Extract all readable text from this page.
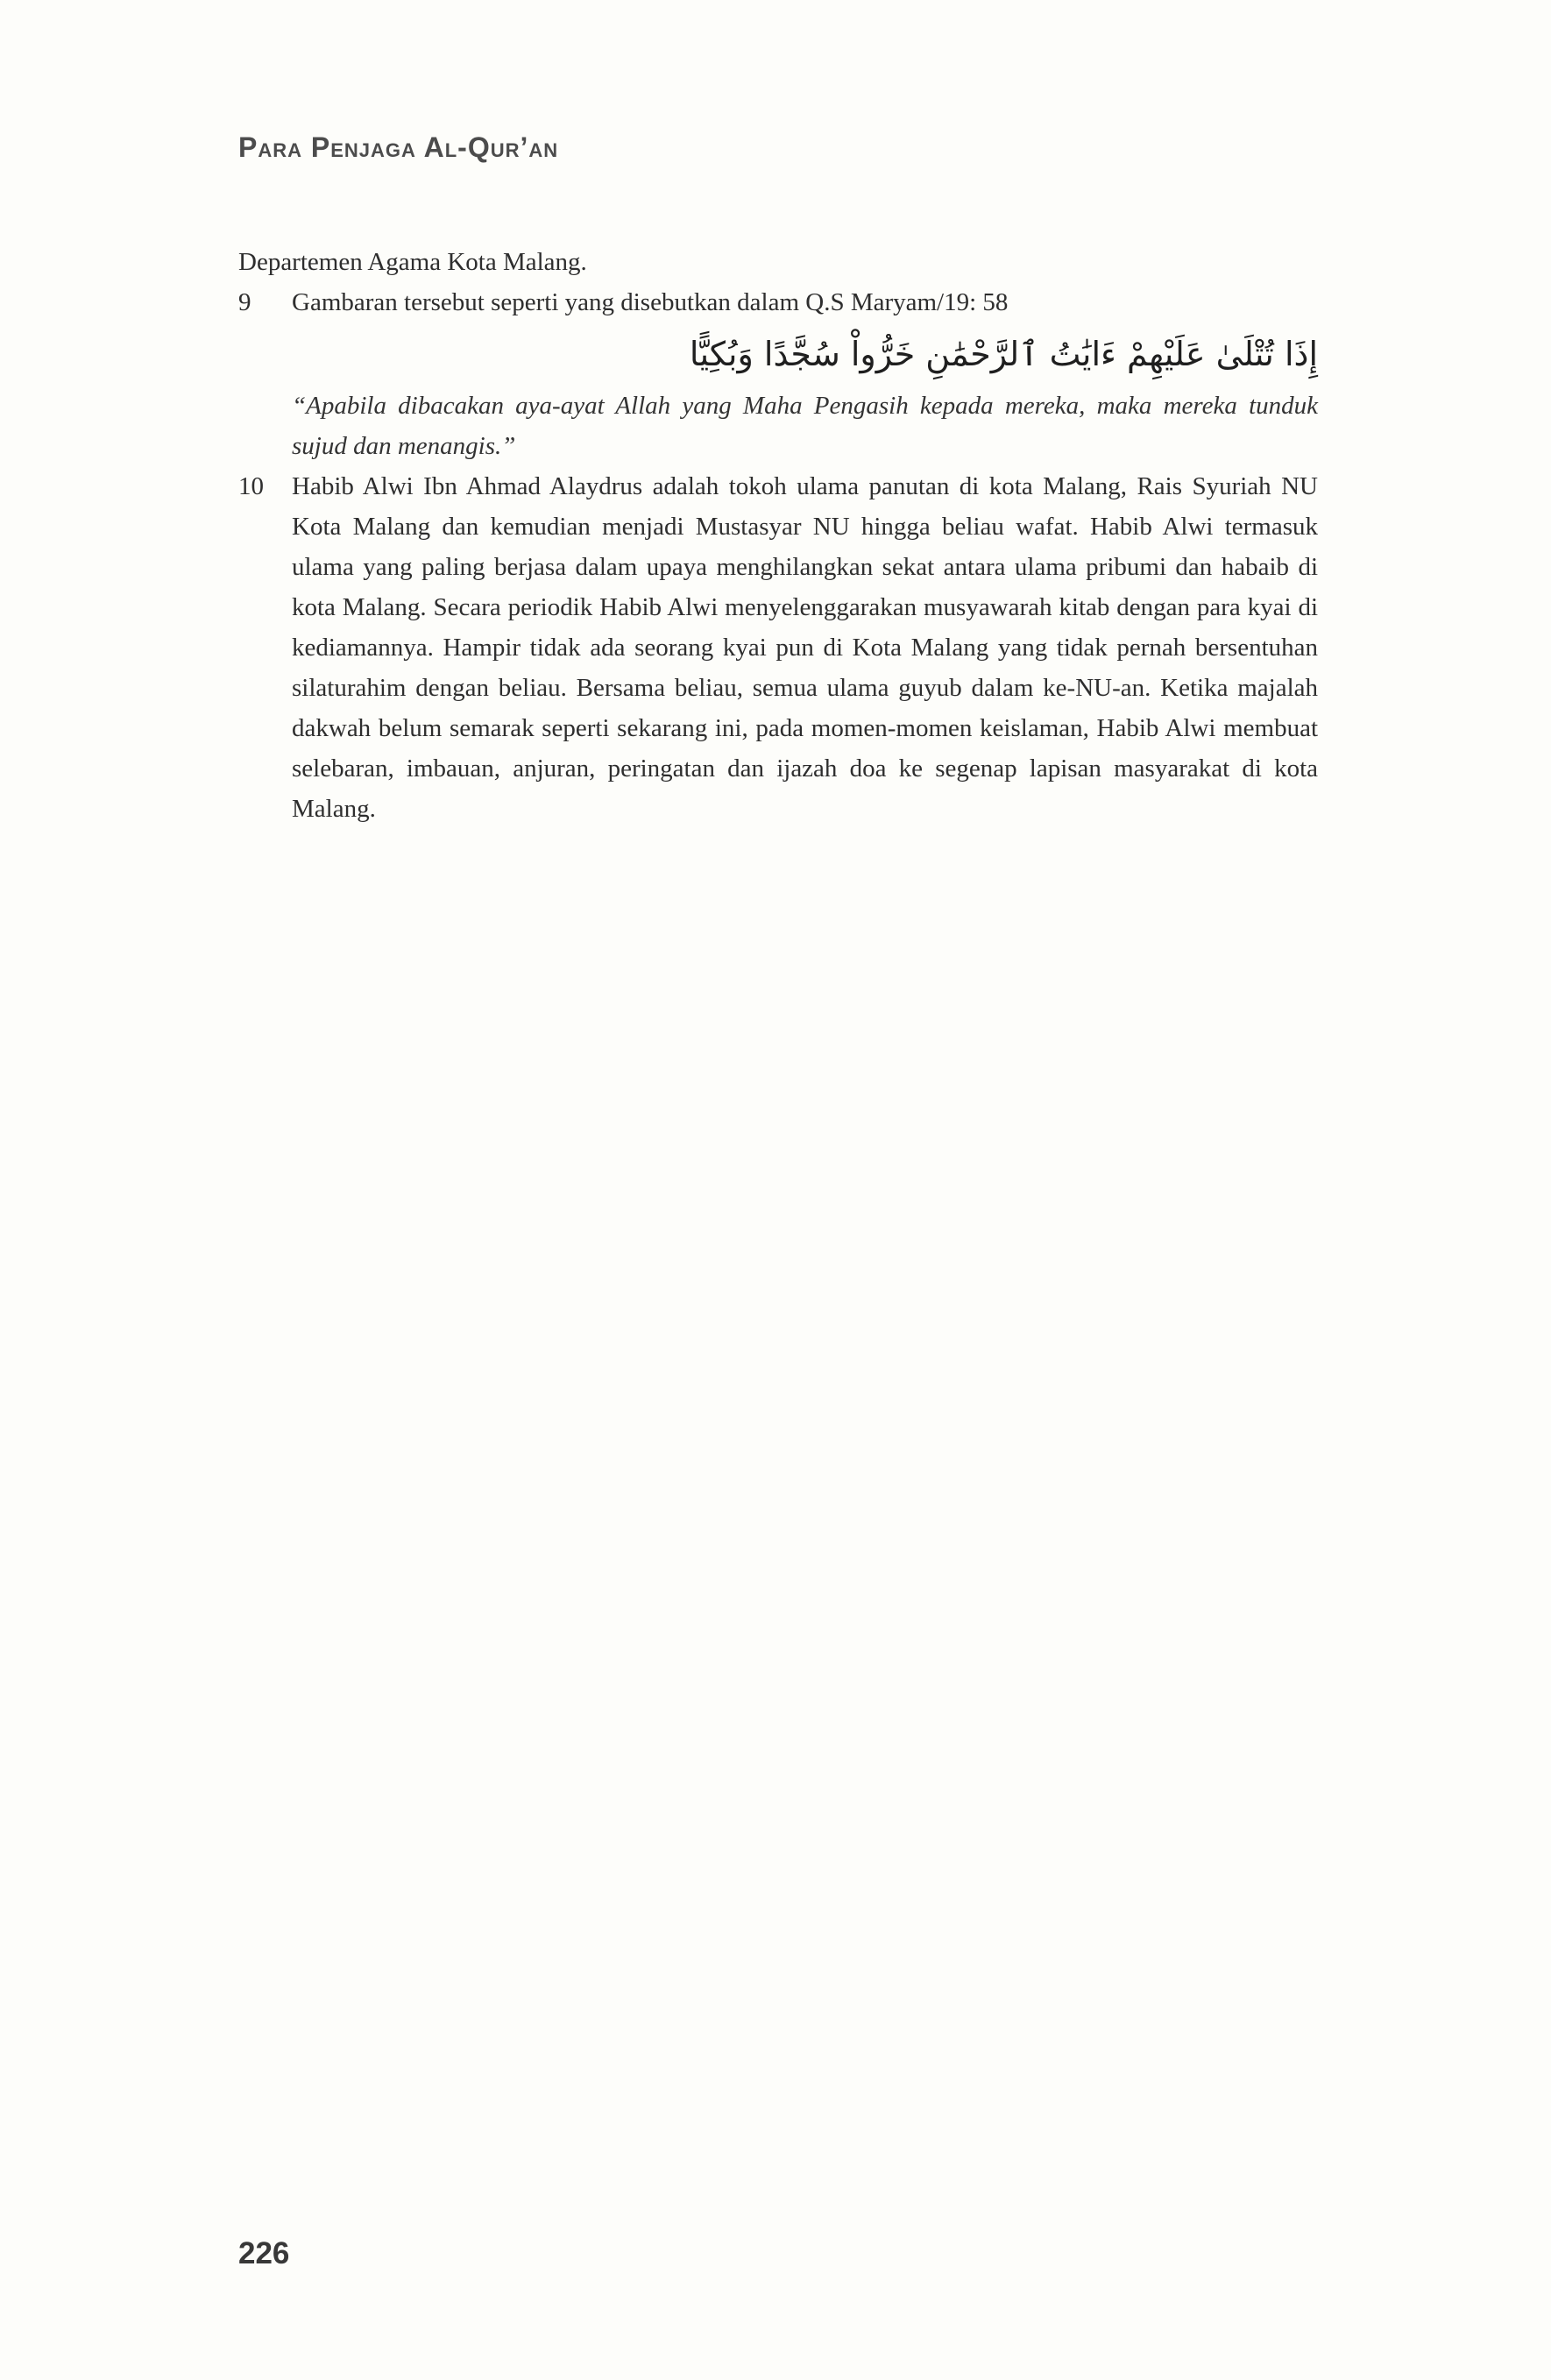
Para Penjaga Al-Qur’an

Departemen Agama Kota Malang.

9	Gambaran tersebut seperti yang disebutkan dalam Q.S Maryam/19: 58

إِذَا تُتْلَىٰ عَلَيْهِمْ ءَايَٰتُ ٱلرَّحْمَٰنِ خَرُّواْ سُجَّدًا وَبُكِيًّا

“Apabila dibacakan aya-ayat Allah yang Maha Pengasih kepada mereka, maka mereka tunduk sujud dan menangis.”

10	Habib Alwi Ibn Ahmad Alaydrus adalah tokoh ulama panutan di kota Malang, Rais Syuriah NU Kota Malang dan kemudian menjadi Mustasyar NU hingga beliau wafat. Habib Alwi termasuk ulama yang paling berjasa dalam upaya menghilangkan sekat antara ulama pribumi dan habaib di kota Malang. Secara periodik Habib Alwi menyelenggarakan musyawarah kitab dengan para kyai di kediamannya. Hampir tidak ada seorang kyai pun di Kota Malang yang tidak pernah bersentuhan silaturahim dengan beliau. Bersama beliau, semua ulama guyub dalam ke-NU-an. Ketika majalah dakwah belum semarak seperti sekarang ini, pada momen-momen keislaman, Habib Alwi membuat selebaran, imbauan, anjuran, peringatan dan ijazah doa ke segenap lapisan masyarakat di kota Malang.

226
